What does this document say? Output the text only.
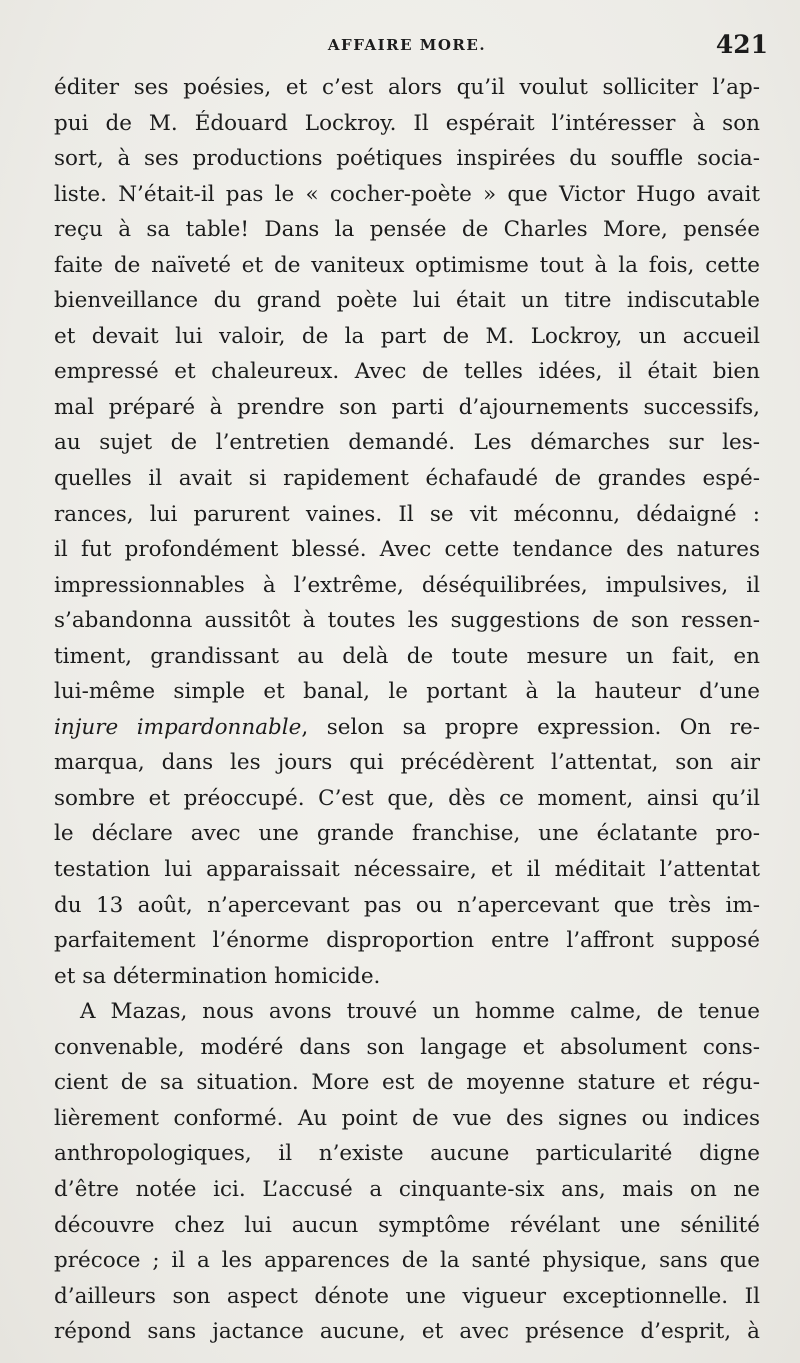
AFFAIRE MORE.	421
éditer ses poésies, et c’est alors qu’il voulut solliciter l’ap-
pui de M. Édouard Lockroy. Il espérait l’intéresser à son
sort, à ses productions poétiques inspirées du souffle socia-
liste. N’était-il pas le « cocher-poète » que Victor Hugo avait
reçu à sa table! Dans la pensée de Charles More, pensée
faite de naïveté et de vaniteux optimisme tout à la fois, cette
bienveillance du grand poète lui était un titre indiscutable
et devait lui valoir, de la part de M. Lockroy, un accueil
empressé et chaleureux. Avec de telles idées, il était bien
mal préparé à prendre son parti d’ajournements successifs,
au sujet de l’entretien demandé. Les démarches sur les-
quelles il avait si rapidement échafaudé de grandes espé-
rances, lui parurent vaines. Il se vit méconnu, dédaigné :
il fut profondément blessé. Avec cette tendance des natures
impressionnables à l’extrême, déséquilibrées, impulsives, il
s’abandonna aussitôt à toutes les suggestions de son ressen-
timent, grandissant au delà de toute mesure un fait, en
lui-même simple et banal, le portant à la hauteur d’une
injure impardonnable, selon sa propre expression. On re-
marqua, dans les jours qui précédèrent l’attentat, son air
sombre et préoccupé. C’est que, dès ce moment, ainsi qu’il
le déclare avec une grande franchise, une éclatante pro-
testation lui apparaissait nécessaire, et il méditait l’attentat
du 13 août, n’apercevant pas ou n’apercevant que très im-
parfaitement l’énorme disproportion entre l’affront supposé
et sa détermination homicide.
A Mazas, nous avons trouvé un homme calme, de tenue
convenable, modéré dans son langage et absolument cons-
cient de sa situation. More est de moyenne stature et régu-
lièrement conformé. Au point de vue des signes ou indices
anthropologiques, il n’existe aucune particularité digne
d’être notée ici. L’accusé a cinquante-six ans, mais on ne
découvre chez lui aucun symptôme révélant une sénilité
précoce ; il a les apparences de la santé physique, sans que
d’ailleurs son aspect dénote une vigueur exceptionnelle. Il
répond sans jactance aucune, et avec présence d’esprit, à
